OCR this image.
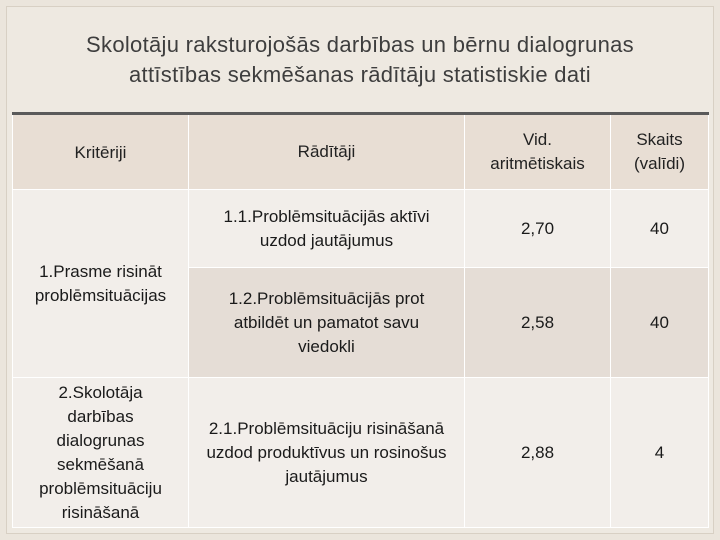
Skolotāju raksturojošās darbības un bērnu dialogrunas
attīstības sekmēšanas rādītāju statistiskie dati
Kritēriji	Rādītāji	Vid. aritmētiskais	Skaits (valīdi)
1.Prasme risināt problēmsituācijas	1.1.Problēmsituācijās aktīvi uzdod jautājumus	2,70	40
	1.2.Problēmsituācijās prot atbildēt un pamatot savu viedokli	2,58	40
2.Skolotāja darbības dialogrunas sekmēšanā problēmsituāciju risināšanā	2.1.Problēmsituāciju risināšanā uzdod produktīvus un rosinošus jautājumus	2,88	4
